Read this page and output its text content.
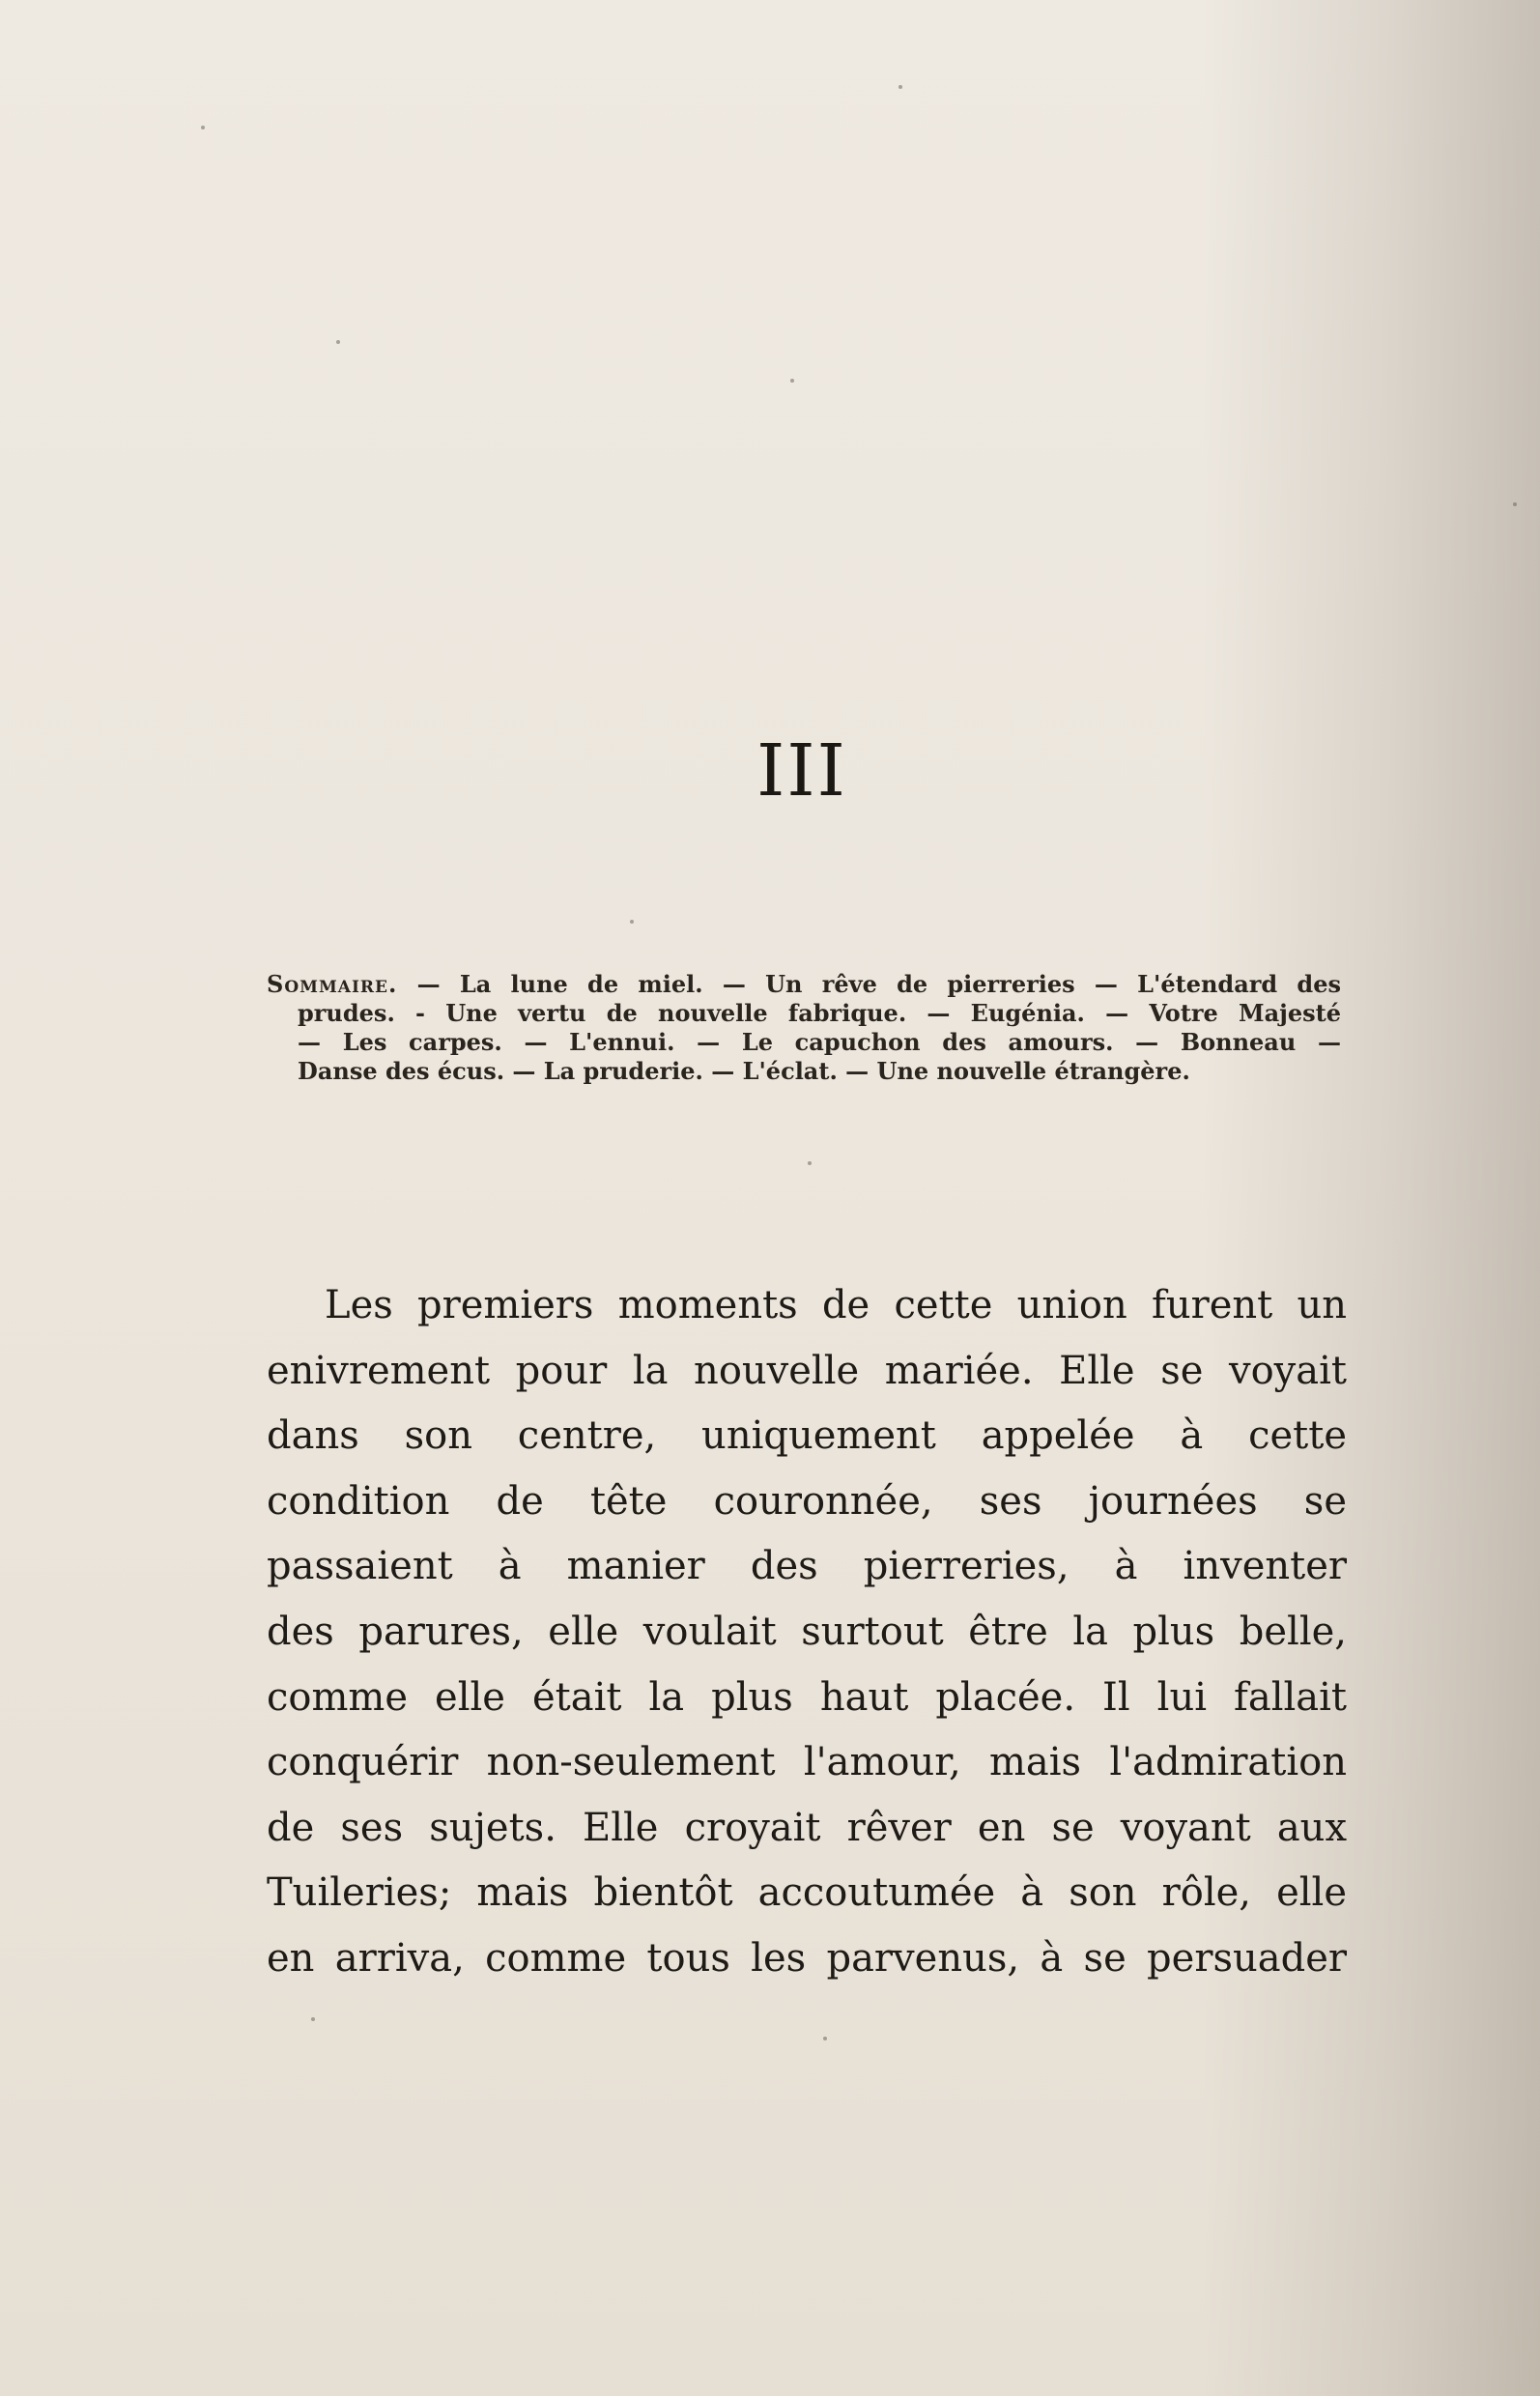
III
Sommaire. — La lune de miel. — Un rêve de pierreries — L'étendard des
prudes. - Une vertu de nouvelle fabrique. — Eugénia. — Votre Majesté
— Les carpes. — L'ennui. — Le capuchon des amours. — Bonneau —
Danse des écus. — La pruderie. — L'éclat. — Une nouvelle étrangère.
Les premiers moments de cette union furent un
enivrement pour la nouvelle mariée. Elle se voyait
dans son centre, uniquement appelée à cette
condition de tête couronnée, ses journées se
passaient à manier des pierreries, à inventer
des parures, elle voulait surtout être la plus belle,
comme elle était la plus haut placée. Il lui fallait
conquérir non-seulement l'amour, mais l'admiration
de ses sujets. Elle croyait rêver en se voyant aux
Tuileries; mais bientôt accoutumée à son rôle, elle
en arriva, comme tous les parvenus, à se persuader
